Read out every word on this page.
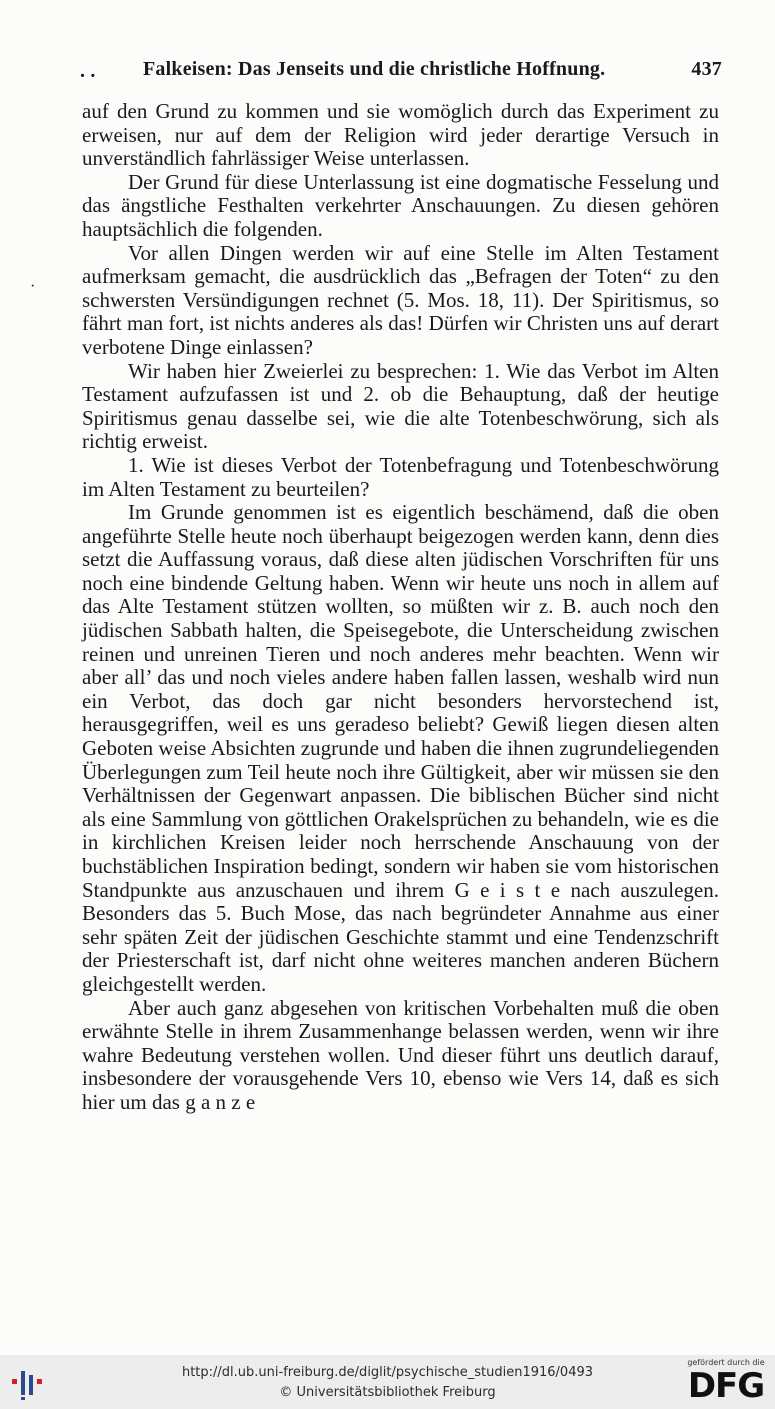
. .	Falkeisen: Das Jenseits und die christliche Hoffnung.	437
·

auf den Grund zu kommen und sie womöglich durch das Experiment zu erweisen, nur auf dem der Religion wird jeder derartige Versuch in unverständlich fahrlässiger Weise unterlassen.

Der Grund für diese Unterlassung ist eine dogmatische Fesselung und das ängstliche Festhalten verkehrter Anschauungen. Zu diesen gehören hauptsächlich die folgenden.

Vor allen Dingen werden wir auf eine Stelle im Alten Testament aufmerksam gemacht, die ausdrücklich das „Befragen der Toten“ zu den schwersten Versündigungen rechnet (5. Mos. 18, 11). Der Spiritismus, so fährt man fort, ist nichts anderes als das! Dürfen wir Christen uns auf derart verbotene Dinge einlassen?

Wir haben hier Zweierlei zu besprechen: 1. Wie das Verbot im Alten Testament aufzufassen ist und 2. ob die Behauptung, daß der heutige Spiritismus genau dasselbe sei, wie die alte Totenbeschwörung, sich als richtig erweist.

1. Wie ist dieses Verbot der Totenbefragung und Totenbeschwörung im Alten Testament zu beurteilen?

Im Grunde genommen ist es eigentlich beschämend, daß die oben angeführte Stelle heute noch überhaupt beigezogen werden kann, denn dies setzt die Auffassung voraus, daß diese alten jüdischen Vorschriften für uns noch eine bindende Geltung haben. Wenn wir heute uns noch in allem auf das Alte Testament stützen wollten, so müßten wir z. B. auch noch den jüdischen Sabbath halten, die Speisegebote, die Unterscheidung zwischen reinen und unreinen Tieren und noch anderes mehr beachten. Wenn wir aber all’ das und noch vieles andere haben fallen lassen, weshalb wird nun ein Verbot, das doch gar nicht besonders hervorstechend ist, herausgegriffen, weil es uns geradeso beliebt? Gewiß liegen diesen alten Geboten weise Absichten zugrunde und haben die ihnen zugrundeliegenden Überlegungen zum Teil heute noch ihre Gültigkeit, aber wir müssen sie den Verhältnissen der Gegenwart anpassen. Die biblischen Bücher sind nicht als eine Sammlung von göttlichen Orakelsprüchen zu behandeln, wie es die in kirchlichen Kreisen leider noch herrschende Anschauung von der buchstäblichen Inspiration bedingt, sondern wir haben sie vom historischen Standpunkte aus anzuschauen und ihrem G e i s t e nach auszulegen. Besonders das 5. Buch Mose, das nach begründeter Annahme aus einer sehr späten Zeit der jüdischen Geschichte stammt und eine Tendenzschrift der Priesterschaft ist, darf nicht ohne weiteres manchen anderen Büchern gleichgestellt werden.

Aber auch ganz abgesehen von kritischen Vorbehalten muß die oben erwähnte Stelle in ihrem Zusammenhange belassen werden, wenn wir ihre wahre Bedeutung verstehen wollen. Und dieser führt uns deutlich darauf, insbesondere der vorausgehende Vers 10, ebenso wie Vers 14, daß es sich hier um das g a n z e

http://dl.ub.uni-freiburg.de/diglit/psychische_studien1916/0493
© Universitätsbibliothek Freiburg
gefördert durch die
DFG
